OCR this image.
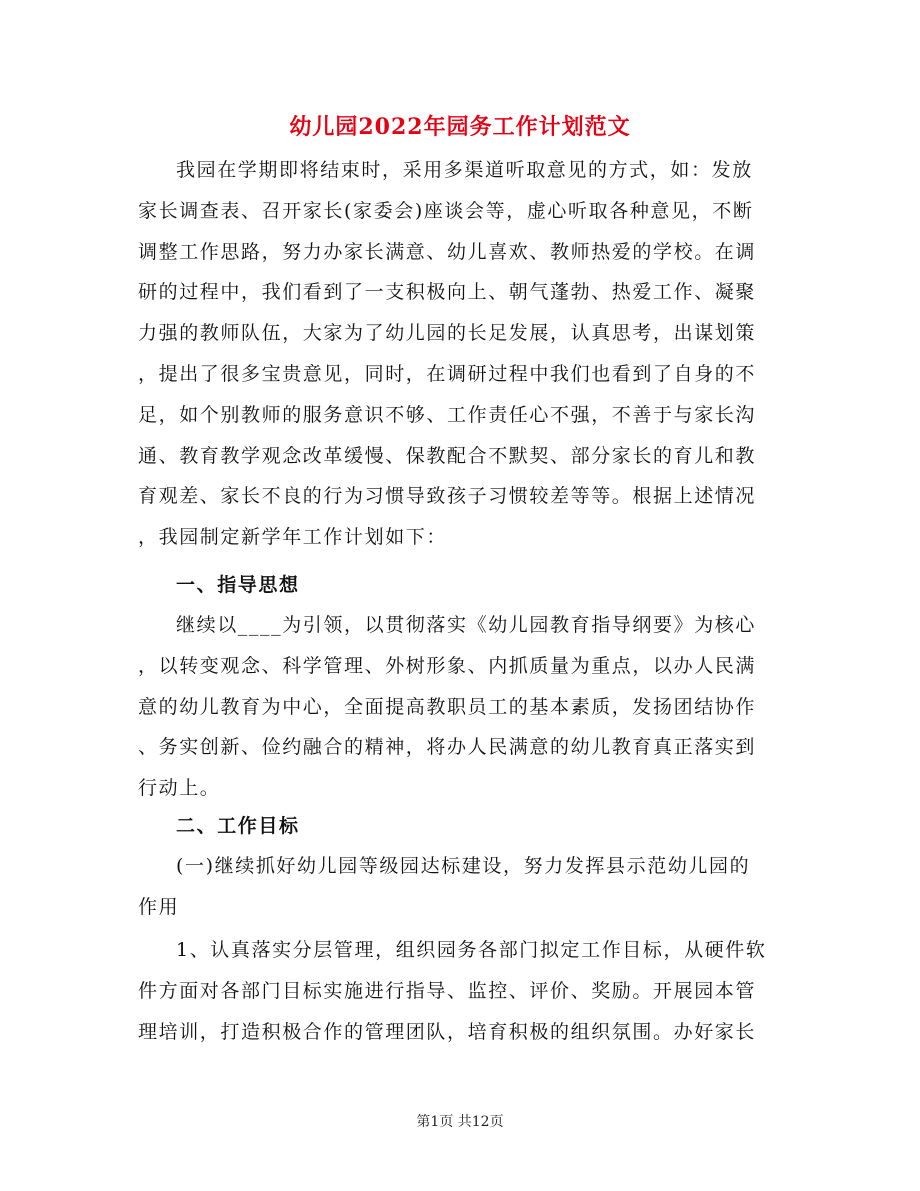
幼儿园2022年园务工作计划范文
我园在学期即将结束时，采用多渠道听取意见的方式，如：发放
家长调查表、召开家长(家委会)座谈会等，虚心听取各种意见，不断
调整工作思路，努力办家长满意、幼儿喜欢、教师热爱的学校。在调
研的过程中，我们看到了一支积极向上、朝气蓬勃、热爱工作、凝聚
力强的教师队伍，大家为了幼儿园的长足发展，认真思考，出谋划策
，提出了很多宝贵意见，同时，在调研过程中我们也看到了自身的不
足，如个别教师的服务意识不够、工作责任心不强，不善于与家长沟
通、教育教学观念改革缓慢、保教配合不默契、部分家长的育儿和教
育观差、家长不良的行为习惯导致孩子习惯较差等等。根据上述情况
，我园制定新学年工作计划如下：
一、指导思想
继续以____为引领，以贯彻落实《幼儿园教育指导纲要》为核心
，以转变观念、科学管理、外树形象、内抓质量为重点，以办人民满
意的幼儿教育为中心，全面提高教职员工的基本素质，发扬团结协作
、务实创新、俭约融合的精神，将办人民满意的幼儿教育真正落实到
行动上。
二、工作目标
(一)继续抓好幼儿园等级园达标建设，努力发挥县示范幼儿园的
作用
1、认真落实分层管理，组织园务各部门拟定工作目标，从硬件软
件方面对各部门目标实施进行指导、监控、评价、奖励。开展园本管
理培训，打造积极合作的管理团队，培育积极的组织氛围。办好家长
第1页 共12页
